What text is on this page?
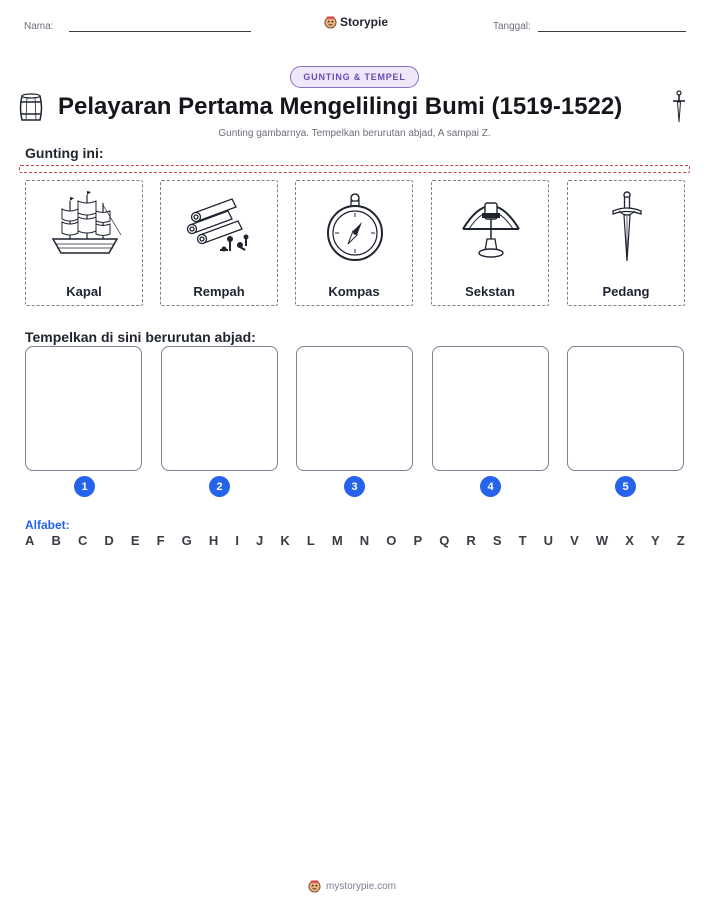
Nama:	Storypie	Tanggal:
GUNTING & TEMPEL
Pelayaran Pertama Mengelilingi Bumi (1519-1522)
Gunting gambarnya. Tempelkan berurutan abjad, A sampai Z.
Gunting ini:
Kapal	Rempah	Kompas	Sekstan	Pedang
Tempelkan di sini berurutan abjad:
1	2	3	4	5
Alfabet:
A B C D E F G H I J K L M N O P Q R S T U V W X Y Z
mystorypie.com
